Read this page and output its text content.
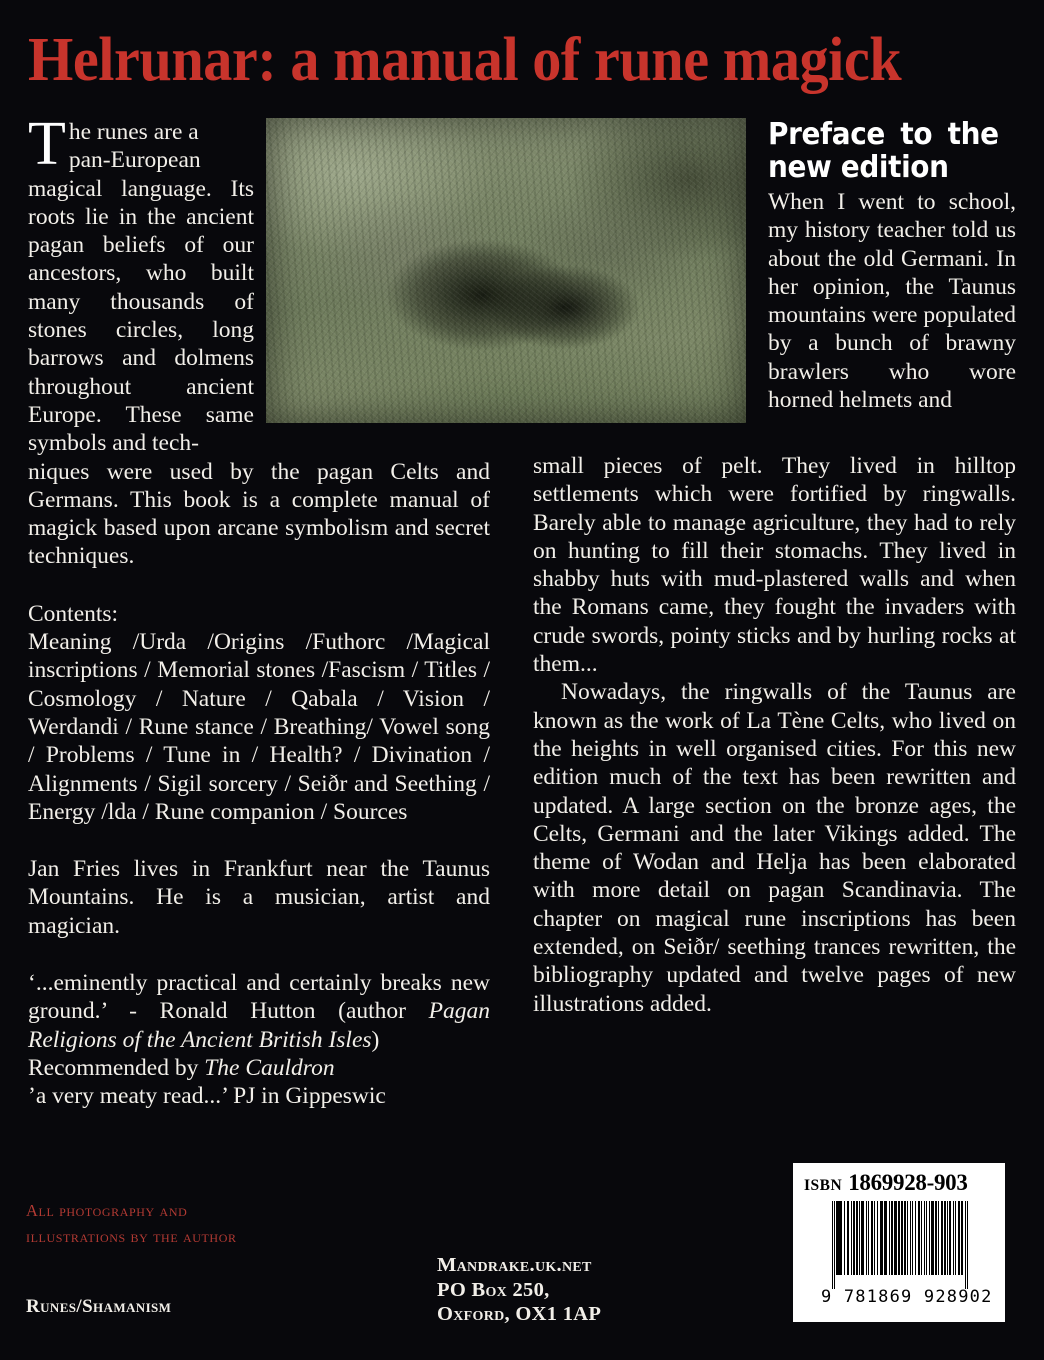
Helrunar: a manual of rune magick

The runes are a
pan-European magical language. Its roots lie in the ancient pagan beliefs of our ancestors, who built many thousands of stones circles, long barrows and dolmens throughout ancient Europe. These same symbols and tech-

niques were used by the pagan Celts and Germans. This book is a complete manual of magick based upon arcane symbolism and secret techniques.

Contents:

Meaning /Urda /Origins /Futhorc /Magical inscriptions / Memorial stones /Fascism / Titles / Cosmology / Nature / Qabala / Vision / Werdandi / Rune stance / Breathing/ Vowel song / Problems / Tune in / Health? / Divination / Alignments / Sigil sorcery / Seiðr and Seething / Energy /lda / Rune companion / Sources

Jan Fries lives in Frankfurt near the Taunus Mountains. He is a musician, artist and magician.

‘...eminently practical and certainly breaks new ground.’ - Ronald Hutton (author Pagan Religions of the Ancient British Isles)

Recommended by The Cauldron

’a very meaty read...’ PJ in Gippeswic

Preface to the new edition

When I went to school, my history teacher told us about the old Germani. In her opinion, the Taunus mountains were populated by a bunch of brawny brawlers who wore horned helmets and

small pieces of pelt. They lived in hilltop settlements which were fortified by ringwalls. Barely able to manage agriculture, they had to rely on hunting to fill their stomachs. They lived in shabby huts with mud-plastered walls and when the Romans came, they fought the invaders with crude swords, pointy sticks and by hurling rocks at them...

Nowadays, the ringwalls of the Taunus are known as the work of La Tène Celts, who lived on the heights in well organised cities. For this new edition much of the text has been rewritten and updated. A large section on the bronze ages, the Celts, Germani and the later Vikings added. The theme of Wodan and Helja has been elaborated with more detail on pagan Scandinavia. The chapter on magical rune inscriptions has been extended, on Seiðr/ seething trances rewritten, the bibliography updated and twelve pages of new illustrations added.

All photography and
illustrations by the author
Runes/Shamanism
Mandrake.uk.net
PO Box 250,
Oxford, OX1 1AP
ISBN 1869928-903
9 781869 928902
